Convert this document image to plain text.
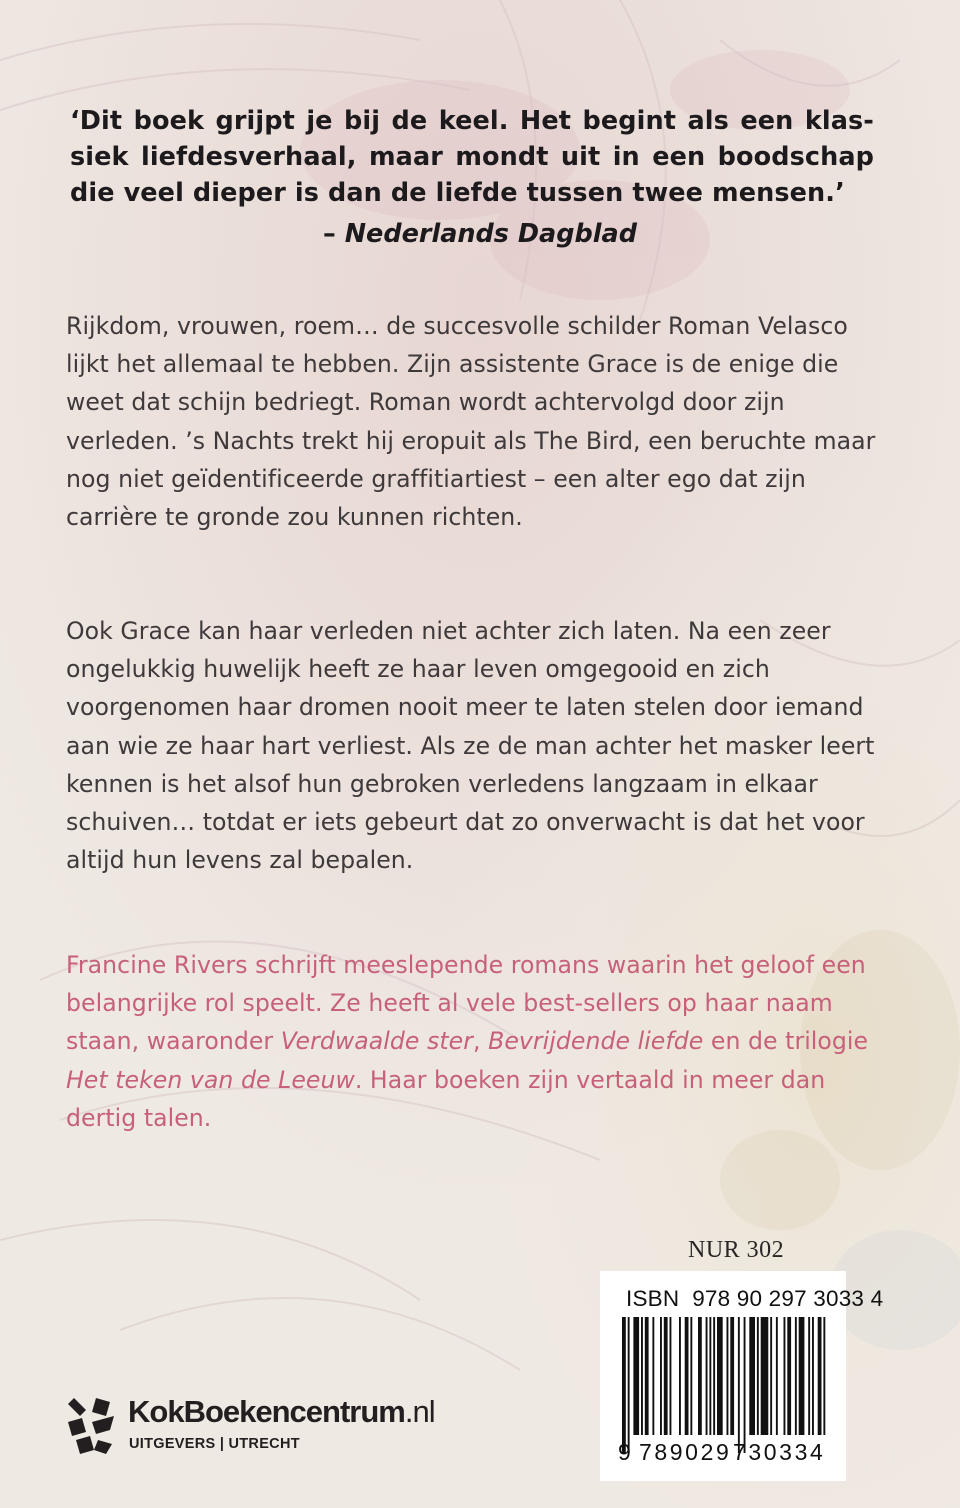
‘Dit boek grijpt je bij de keel. Het begint als een klas-siek liefdesverhaal, maar mondt uit in een boodschap die veel dieper is dan de liefde tussen twee mensen.’
– Nederlands Dagblad
Rijkdom, vrouwen, roem… de succesvolle schilder Roman Velasco lijkt het allemaal te hebben. Zijn assistente Grace is de enige die weet dat schijn bedriegt. Roman wordt achtervolgd door zijn verleden. ’s Nachts trekt hij eropuit als The Bird, een beruchte maar nog niet geïdentificeerde graffitiartiest – een alter ego dat zijn carrière te gronde zou kunnen richten.
Ook Grace kan haar verleden niet achter zich laten. Na een zeer ongelukkig huwelijk heeft ze haar leven omgegooid en zich voorgenomen haar dromen nooit meer te laten stelen door iemand aan wie ze haar hart verliest. Als ze de man achter het masker leert kennen is het alsof hun gebroken verledens langzaam in elkaar schuiven… totdat er iets gebeurt dat zo onverwacht is dat het voor altijd hun levens zal bepalen.
Francine Rivers schrijft meeslepende romans waarin het geloof een belangrijke rol speelt. Ze heeft al vele best-sellers op haar naam staan, waaronder Verdwaalde ster, Bevrijdende liefde en de trilogie Het teken van de Leeuw. Haar boeken zijn vertaald in meer dan dertig talen.
NUR 302
ISBN  978 90 297 3033 4
9 789029 730334
KokBoekencentrum.nl
UITGEVERS | UTRECHT
